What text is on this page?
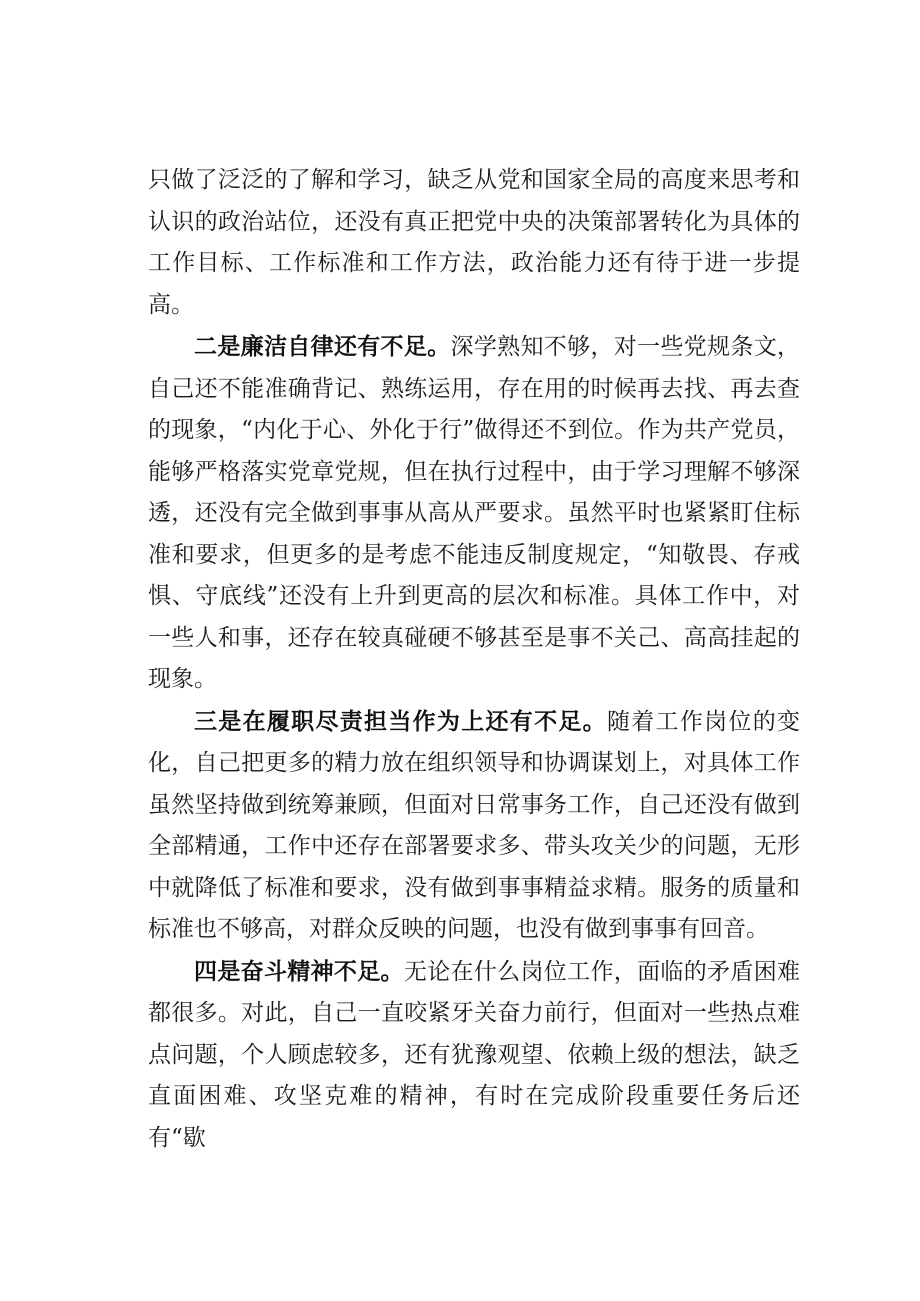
只做了泛泛的了解和学习，缺乏从党和国家全局的高度来思考和认识的政治站位，还没有真正把党中央的决策部署转化为具体的工作目标、工作标准和工作方法，政治能力还有待于进一步提高。

二是廉洁自律还有不足。深学熟知不够，对一些党规条文，自己还不能准确背记、熟练运用，存在用的时候再去找、再去查的现象，“内化于心、外化于行”做得还不到位。作为共产党员，能够严格落实党章党规，但在执行过程中，由于学习理解不够深透，还没有完全做到事事从高从严要求。虽然平时也紧紧盯住标准和要求，但更多的是考虑不能违反制度规定，“知敬畏、存戒惧、守底线”还没有上升到更高的层次和标准。具体工作中，对一些人和事，还存在较真碰硬不够甚至是事不关己、高高挂起的现象。

三是在履职尽责担当作为上还有不足。随着工作岗位的变化，自己把更多的精力放在组织领导和协调谋划上，对具体工作虽然坚持做到统筹兼顾，但面对日常事务工作，自己还没有做到全部精通，工作中还存在部署要求多、带头攻关少的问题，无形中就降低了标准和要求，没有做到事事精益求精。服务的质量和标准也不够高，对群众反映的问题，也没有做到事事有回音。

四是奋斗精神不足。无论在什么岗位工作，面临的矛盾困难都很多。对此，自己一直咬紧牙关奋力前行，但面对一些热点难点问题，个人顾虑较多，还有犹豫观望、依赖上级的想法，缺乏直面困难、攻坚克难的精神，有时在完成阶段重要任务后还有“歇
